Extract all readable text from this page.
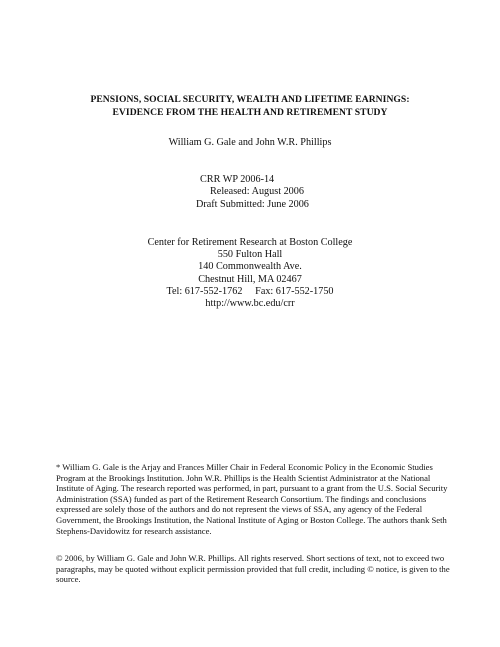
PENSIONS, SOCIAL SECURITY, WEALTH AND LIFETIME EARNINGS:
EVIDENCE FROM THE HEALTH AND RETIREMENT STUDY
William G. Gale and John W.R. Phillips
CRR WP 2006-14
Released: August 2006
Draft Submitted: June 2006
Center for Retirement Research at Boston College
550 Fulton Hall
140 Commonwealth Ave.
Chestnut Hill, MA 02467
Tel: 617-552-1762     Fax: 617-552-1750
http://www.bc.edu/crr
* William G. Gale is the Arjay and Frances Miller Chair in Federal Economic Policy in the Economic Studies Program at the Brookings Institution. John W.R. Phillips is the Health Scientist Administrator at the National Institute of Aging. The research reported was performed, in part, pursuant to a grant from the U.S. Social Security Administration (SSA) funded as part of the Retirement Research Consortium. The findings and conclusions expressed are solely those of the authors and do not represent the views of SSA, any agency of the Federal Government, the Brookings Institution, the National Institute of Aging or Boston College. The authors thank Seth Stephens-Davidowitz for research assistance.
© 2006, by William G. Gale and John W.R. Phillips. All rights reserved. Short sections of text, not to exceed two paragraphs, may be quoted without explicit permission provided that full credit, including © notice, is given to the source.
